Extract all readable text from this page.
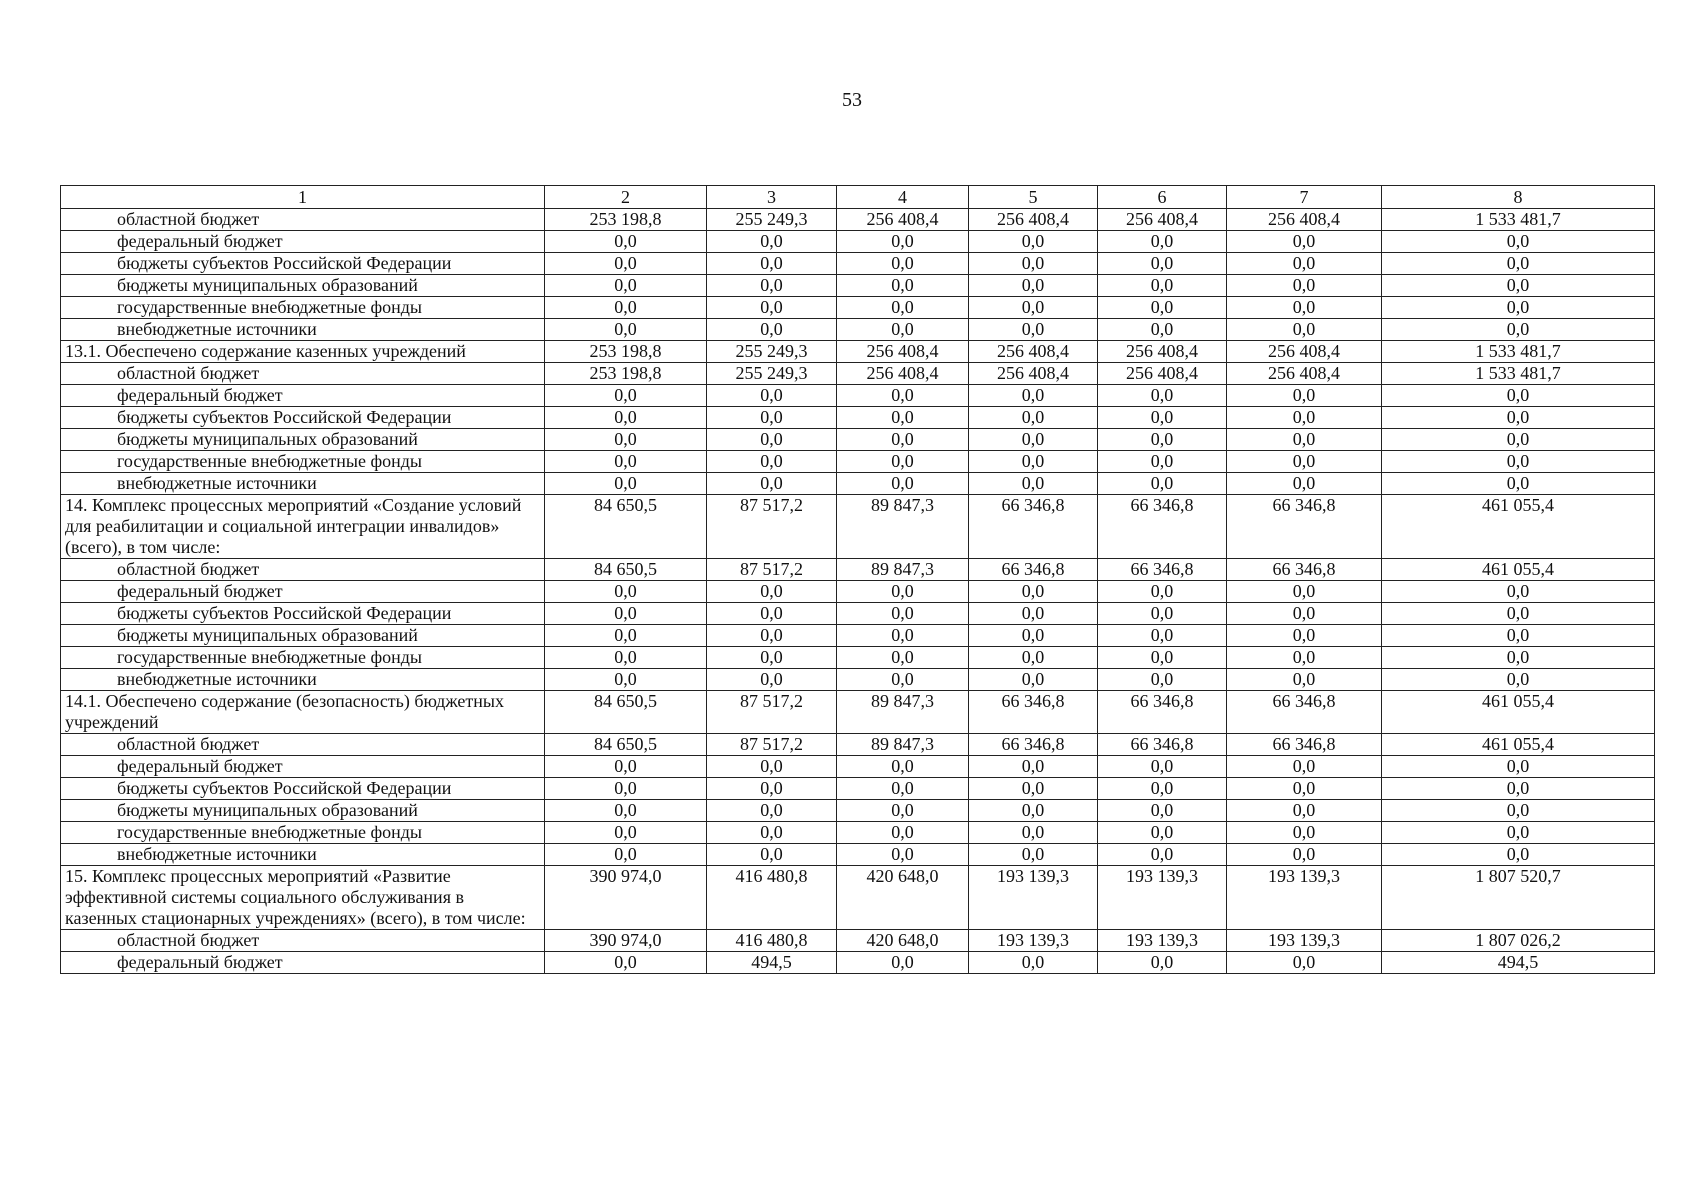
53
1	2	3	4	5	6	7	8
областной бюджет	253 198,8	255 249,3	256 408,4	256 408,4	256 408,4	256 408,4	1 533 481,7
федеральный бюджет	0,0	0,0	0,0	0,0	0,0	0,0	0,0
бюджеты субъектов Российской Федерации	0,0	0,0	0,0	0,0	0,0	0,0	0,0
бюджеты муниципальных образований	0,0	0,0	0,0	0,0	0,0	0,0	0,0
государственные внебюджетные фонды	0,0	0,0	0,0	0,0	0,0	0,0	0,0
внебюджетные источники	0,0	0,0	0,0	0,0	0,0	0,0	0,0
13.1. Обеспечено содержание казенных учреждений	253 198,8	255 249,3	256 408,4	256 408,4	256 408,4	256 408,4	1 533 481,7
областной бюджет	253 198,8	255 249,3	256 408,4	256 408,4	256 408,4	256 408,4	1 533 481,7
федеральный бюджет	0,0	0,0	0,0	0,0	0,0	0,0	0,0
бюджеты субъектов Российской Федерации	0,0	0,0	0,0	0,0	0,0	0,0	0,0
бюджеты муниципальных образований	0,0	0,0	0,0	0,0	0,0	0,0	0,0
государственные внебюджетные фонды	0,0	0,0	0,0	0,0	0,0	0,0	0,0
внебюджетные источники	0,0	0,0	0,0	0,0	0,0	0,0	0,0
14. Комплекс процессных мероприятий «Создание условий для реабилитации и социальной интеграции инвалидов» (всего), в том числе:	84 650,5	87 517,2	89 847,3	66 346,8	66 346,8	66 346,8	461 055,4
областной бюджет	84 650,5	87 517,2	89 847,3	66 346,8	66 346,8	66 346,8	461 055,4
федеральный бюджет	0,0	0,0	0,0	0,0	0,0	0,0	0,0
бюджеты субъектов Российской Федерации	0,0	0,0	0,0	0,0	0,0	0,0	0,0
бюджеты муниципальных образований	0,0	0,0	0,0	0,0	0,0	0,0	0,0
государственные внебюджетные фонды	0,0	0,0	0,0	0,0	0,0	0,0	0,0
внебюджетные источники	0,0	0,0	0,0	0,0	0,0	0,0	0,0
14.1. Обеспечено содержание (безопасность) бюджетных учреждений	84 650,5	87 517,2	89 847,3	66 346,8	66 346,8	66 346,8	461 055,4
областной бюджет	84 650,5	87 517,2	89 847,3	66 346,8	66 346,8	66 346,8	461 055,4
федеральный бюджет	0,0	0,0	0,0	0,0	0,0	0,0	0,0
бюджеты субъектов Российской Федерации	0,0	0,0	0,0	0,0	0,0	0,0	0,0
бюджеты муниципальных образований	0,0	0,0	0,0	0,0	0,0	0,0	0,0
государственные внебюджетные фонды	0,0	0,0	0,0	0,0	0,0	0,0	0,0
внебюджетные источники	0,0	0,0	0,0	0,0	0,0	0,0	0,0
15. Комплекс процессных мероприятий «Развитие эффективной системы социального обслуживания в казенных стационарных учреждениях» (всего), в том числе:	390 974,0	416 480,8	420 648,0	193 139,3	193 139,3	193 139,3	1 807 520,7
областной бюджет	390 974,0	416 480,8	420 648,0	193 139,3	193 139,3	193 139,3	1 807 026,2
федеральный бюджет	0,0	494,5	0,0	0,0	0,0	0,0	494,5
